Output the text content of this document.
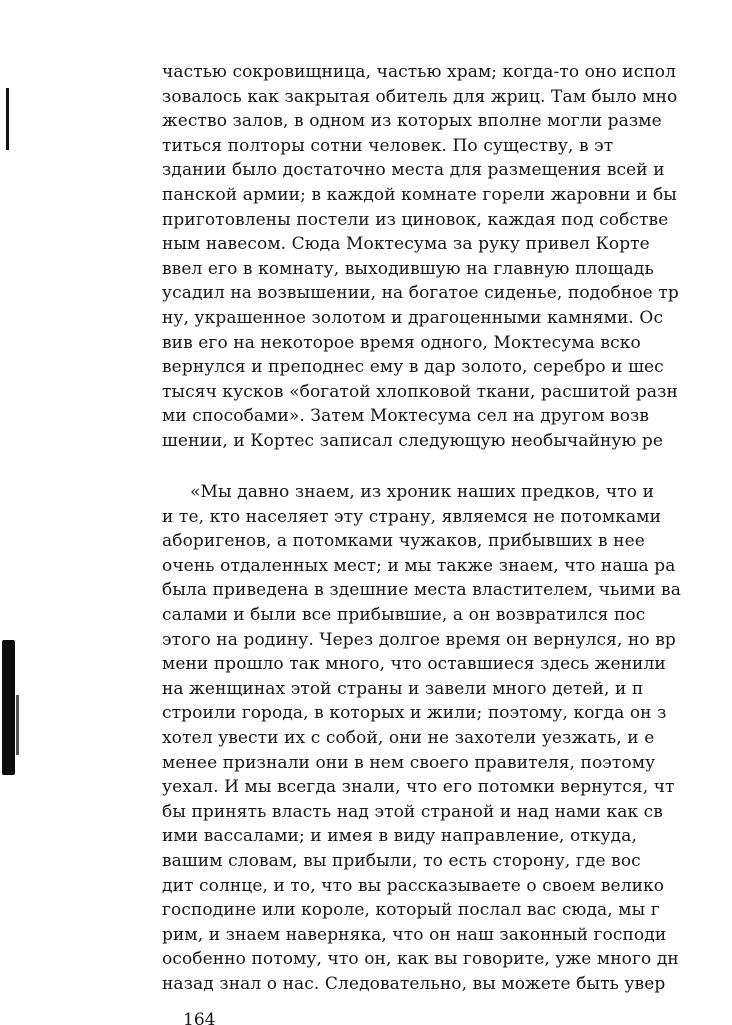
частью сокровищница, частью храм; когда-то оно испол
зовалось как закрытая обитель для жриц. Там было мно
жество залов, в одном из которых вполне могли разме
титься полторы сотни человек. По существу, в эт
здании было достаточно места для размещения всей и
панской армии; в каждой комнате горели жаровни и бы
приготовлены постели из циновок, каждая под собстве
ным навесом. Сюда Моктесума за руку привел Корте
ввел его в комнату, выходившую на главную площадь
усадил на возвышении, на богатое сиденье, подобное тр
ну, украшенное золотом и драгоценными камнями. Ос
вив его на некоторое время одного, Моктесума вско
вернулся и преподнес ему в дар золото, серебро и шес
тысяч кусков «богатой хлопковой ткани, расшитой разн
ми способами». Затем Моктесума сел на другом возв
шении, и Кортес записал следующую необычайную ре
«Мы давно знаем, из хроник наших предков, что и
и те, кто населяет эту страну, являемся не потомками
аборигенов, а потомками чужаков, прибывших в нее
очень отдаленных мест; и мы также знаем, что наша ра
была приведена в здешние места властителем, чьими ва
салами и были все прибывшие, а он возвратился пос
этого на родину. Через долгое время он вернулся, но вр
мени прошло так много, что оставшиеся здесь женили
на женщинах этой страны и завели много детей, и п
строили города, в которых и жили; поэтому, когда он з
хотел увести их с собой, они не захотели уезжать, и е
менее признали они в нем своего правителя, поэтому
уехал. И мы всегда знали, что его потомки вернутся, чт
бы принять власть над этой страной и над нами как св
ими вассалами; и имея в виду направление, откуда,
вашим словам, вы прибыли, то есть сторону, где вос
дит солнце, и то, что вы рассказываете о своем велико
господине или короле, который послал вас сюда, мы г
рим, и знаем наверняка, что он наш законный господи
особенно потому, что он, как вы говорите, уже много дн
назад знал о нас. Следовательно, вы можете быть увер
164
